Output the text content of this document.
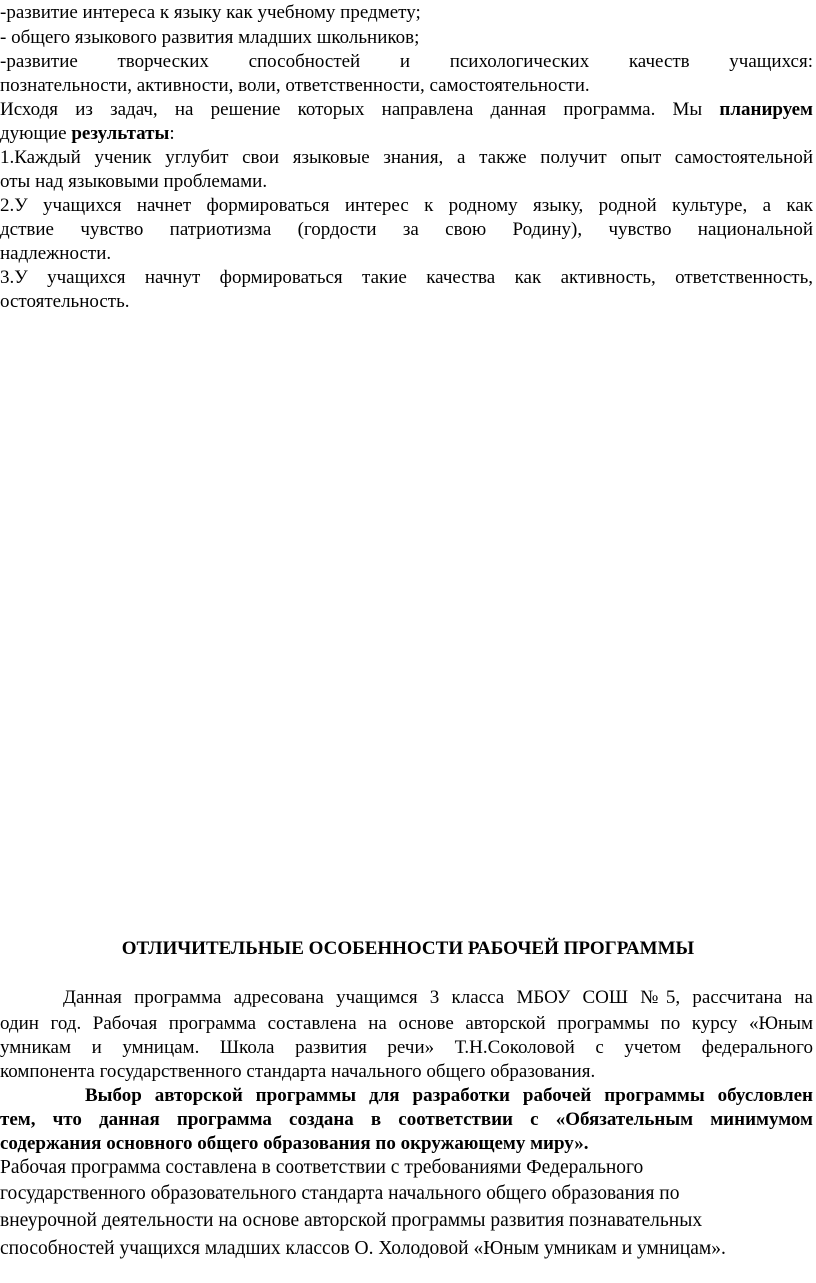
-развитие интереса к языку как учебному предмету;
- общего языкового развития младших школьников;
-развитие творческих способностей и психологических качеств учащихся:
познательности, активности, воли, ответственности, самостоятельности.
Исходя из задач, на решение которых направлена данная программа. Мы планируем
дующие результаты:
1.Каждый ученик углубит свои языковые знания, а также получит опыт самостоятельной
оты над языковыми проблемами.
2.У учащихся начнет формироваться интерес к родному языку, родной культуре, а как
дствие чувство патриотизма (гордости за свою Родину), чувство национальной
надлежности.
3.У учащихся начнут формироваться такие качества как активность, ответственность,
остоятельность.
ОТЛИЧИТЕЛЬНЫЕ ОСОБЕННОСТИ РАБОЧЕЙ ПРОГРАММЫ
Данная программа адресована учащимся 3 класса МБОУ СОШ №5, рассчитана на
один год. Рабочая программа составлена на основе авторской программы по курсу «Юным
умникам и умницам. Школа развития речи» Т.Н.Соколовой с учетом федерального
компонента государственного стандарта начального общего образования.
Выбор авторской программы для разработки рабочей программы обусловлен
тем, что данная программа создана в соответствии с «Обязательным минимумом
содержания основного общего образования по окружающему миру».
Рабочая программа составлена в соответствии с требованиями Федерального
государственного образовательного стандарта начального общего образования по
внеурочной деятельности на основе авторской программы развития познавательных
способностей учащихся младших классов О. Холодовой «Юным умникам и умницам».
